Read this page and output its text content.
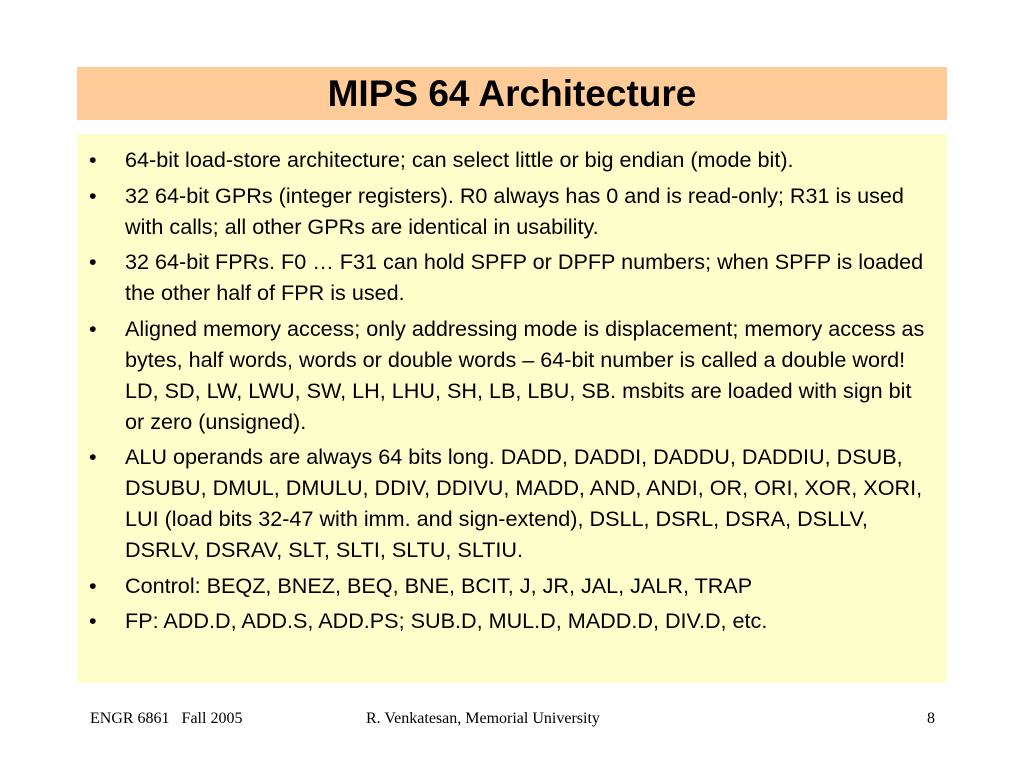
MIPS 64 Architecture
• 64-bit load-store architecture; can select little or big endian (mode bit).
• 32 64-bit GPRs (integer registers). R0 always has 0 and is read-only; R31 is used with calls; all other GPRs are identical in usability.
• 32 64-bit FPRs. F0 … F31 can hold SPFP or DPFP numbers; when SPFP is loaded the other half of FPR is used.
• Aligned memory access; only addressing mode is displacement; memory access as bytes, half words, words or double words – 64-bit number is called a double word! LD, SD, LW, LWU, SW, LH, LHU, SH, LB, LBU, SB. msbits are loaded with sign bit or zero (unsigned).
• ALU operands are always 64 bits long. DADD, DADDI, DADDU, DADDIU, DSUB, DSUBU, DMUL, DMULU, DDIV, DDIVU, MADD, AND, ANDI, OR, ORI, XOR, XORI, LUI (load bits 32-47 with imm. and sign-extend), DSLL, DSRL, DSRA, DSLLV, DSRLV, DSRAV, SLT, SLTI, SLTU, SLTIU.
• Control: BEQZ, BNEZ, BEQ, BNE, BCIT, J, JR, JAL, JALR, TRAP
• FP: ADD.D, ADD.S, ADD.PS; SUB.D, MUL.D, MADD.D, DIV.D, etc.
ENGR 6861   Fall 2005	R. Venkatesan, Memorial University	8
